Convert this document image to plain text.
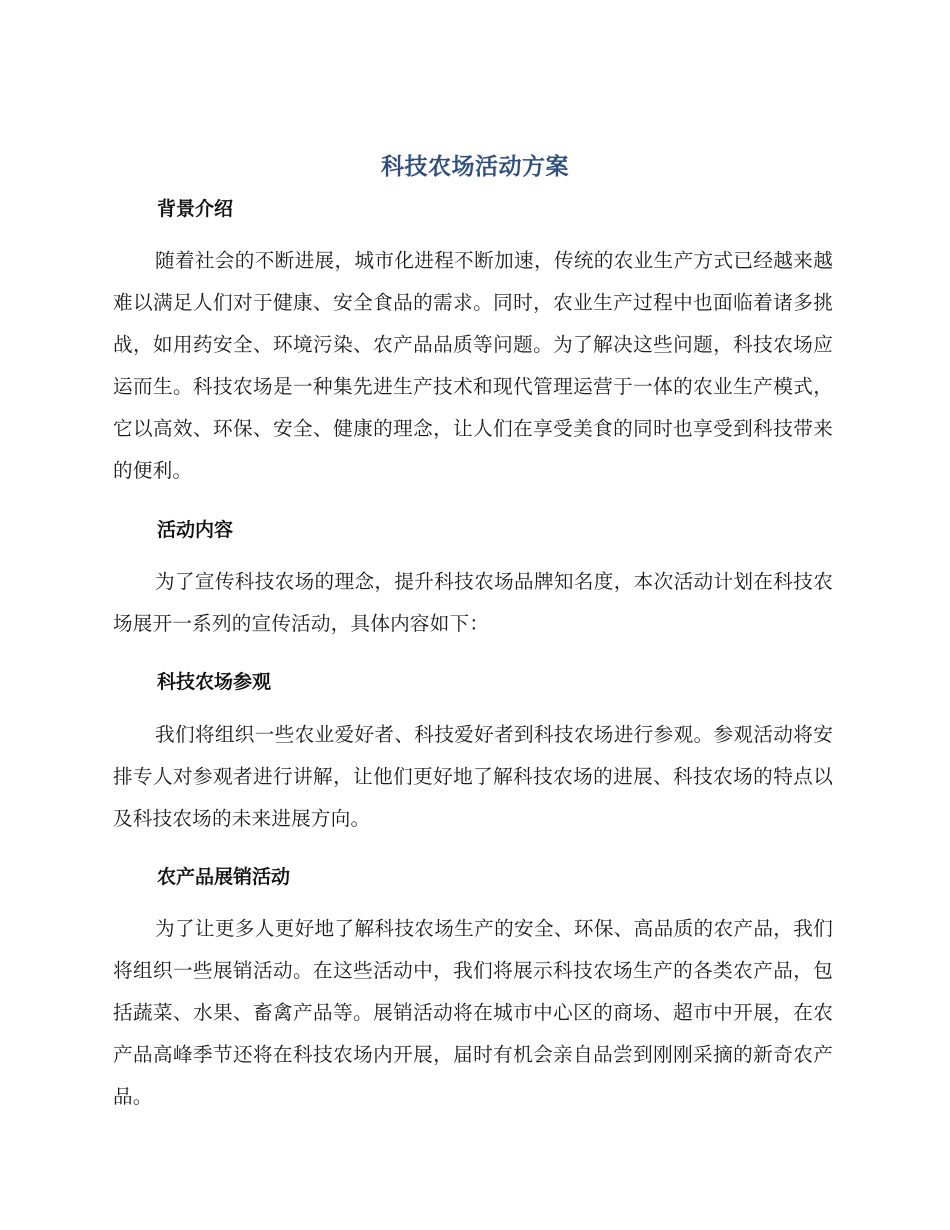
科技农场活动方案
背景介绍
随着社会的不断进展，城市化进程不断加速，传统的农业生产方式已经越来越难以满足人们对于健康、安全食品的需求。同时，农业生产过程中也面临着诸多挑战，如用药安全、环境污染、农产品品质等问题。为了解决这些问题，科技农场应运而生。科技农场是一种集先进生产技术和现代管理运营于一体的农业生产模式，它以高效、环保、安全、健康的理念，让人们在享受美食的同时也享受到科技带来的便利。
活动内容
为了宣传科技农场的理念，提升科技农场品牌知名度，本次活动计划在科技农场展开一系列的宣传活动，具体内容如下：
科技农场参观
我们将组织一些农业爱好者、科技爱好者到科技农场进行参观。参观活动将安排专人对参观者进行讲解，让他们更好地了解科技农场的进展、科技农场的特点以及科技农场的未来进展方向。
农产品展销活动
为了让更多人更好地了解科技农场生产的安全、环保、高品质的农产品，我们将组织一些展销活动。在这些活动中，我们将展示科技农场生产的各类农产品，包括蔬菜、水果、畜禽产品等。展销活动将在城市中心区的商场、超市中开展，在农产品高峰季节还将在科技农场内开展，届时有机会亲自品尝到刚刚采摘的新奇农产品。
